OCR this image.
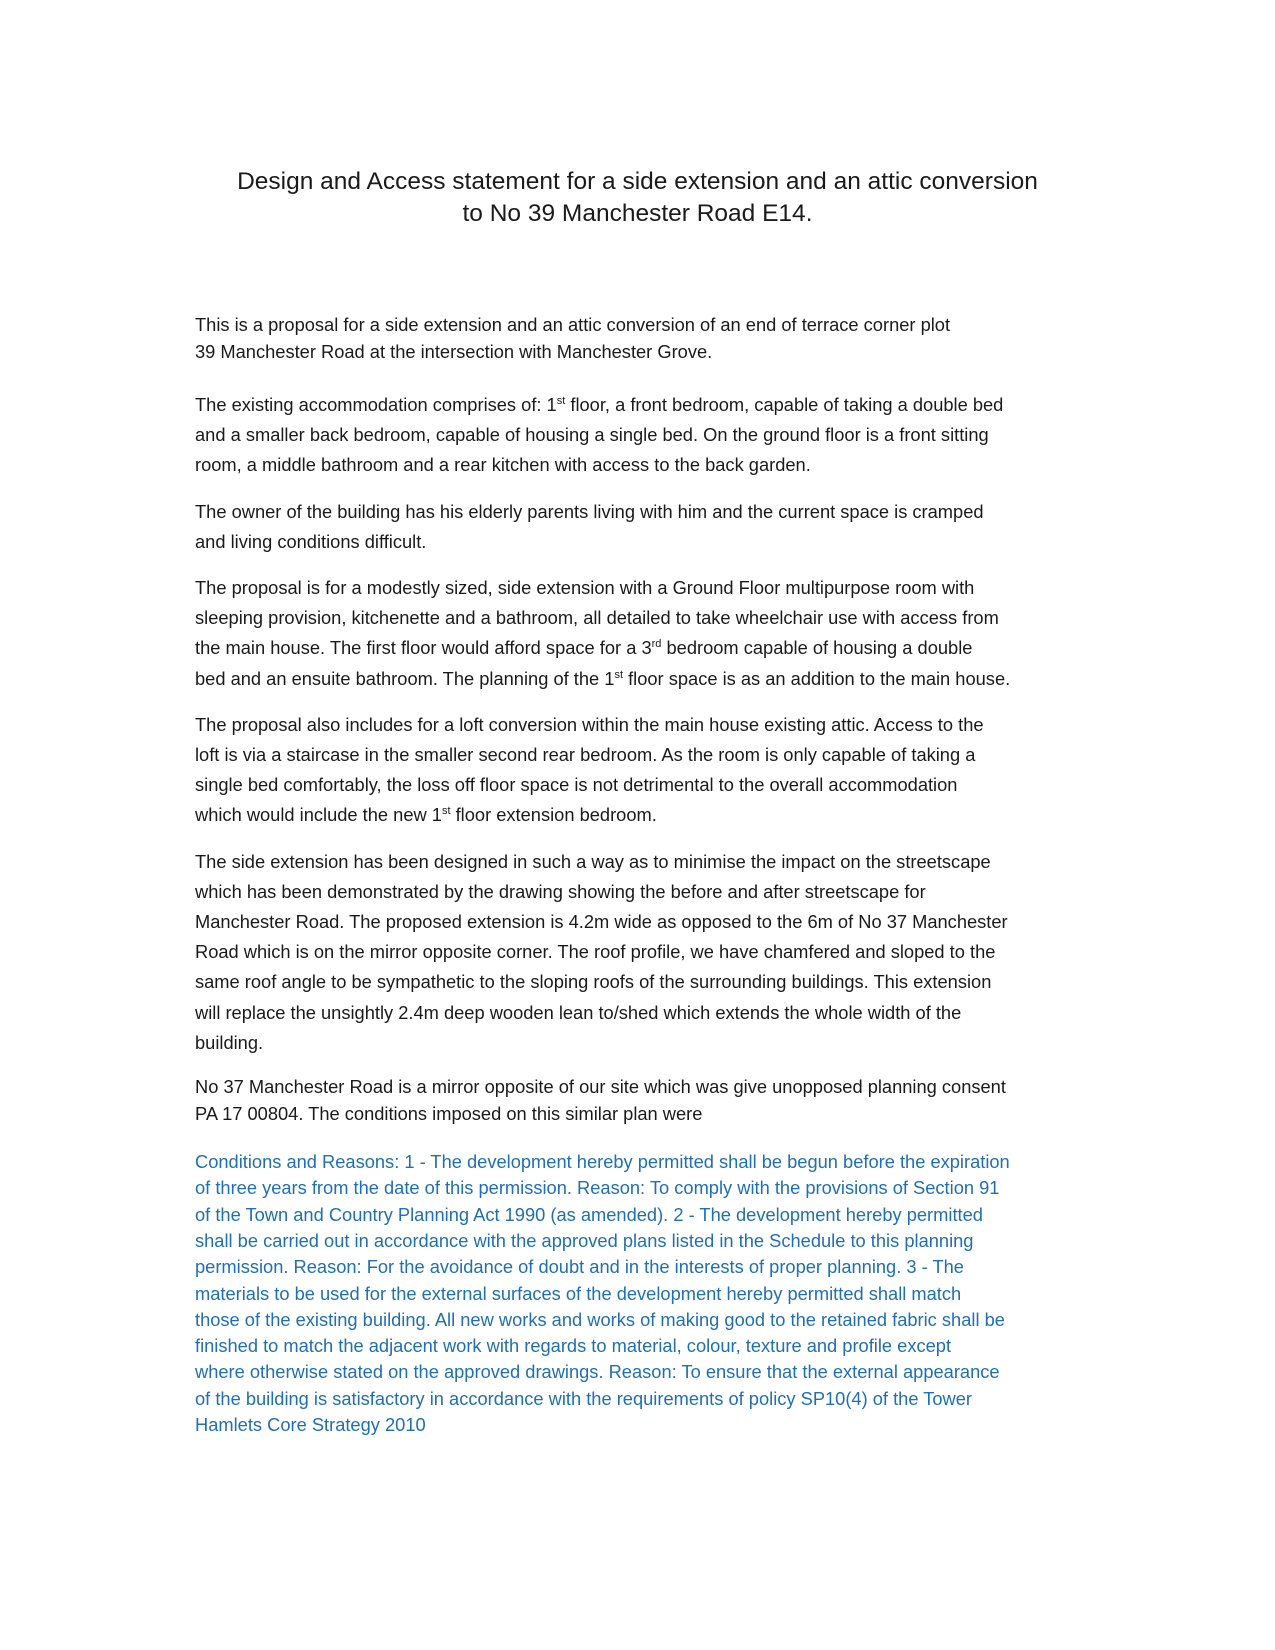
Design and Access statement for a side extension and an attic conversion
to No 39 Manchester Road E14.

This is a proposal for a side extension and an attic conversion of an end of terrace corner plot
39 Manchester Road at the intersection with Manchester Grove.

The existing accommodation comprises of: 1st floor, a front bedroom, capable of taking a double bed
and a smaller back bedroom, capable of housing a single bed. On the ground floor is a front sitting
room, a middle bathroom and a rear kitchen with access to the back garden.

The owner of the building has his elderly parents living with him and the current space is cramped
and living conditions difficult.

The proposal is for a modestly sized, side extension with a Ground Floor multipurpose room with
sleeping provision, kitchenette and a bathroom, all detailed to take wheelchair use with access from
the main house. The first floor would afford space for a 3rd bedroom capable of housing a double
bed and an ensuite bathroom. The planning of the 1st floor space is as an addition to the main house.

The proposal also includes for a loft conversion within the main house existing attic. Access to the
loft is via a staircase in the smaller second rear bedroom. As the room is only capable of taking a
single bed comfortably, the loss off floor space is not detrimental to the overall accommodation
which would include the new 1st floor extension bedroom.

The side extension has been designed in such a way as to minimise the impact on the streetscape
which has been demonstrated by the drawing showing the before and after streetscape for
Manchester Road. The proposed extension is 4.2m wide as opposed to the 6m of No 37 Manchester
Road which is on the mirror opposite corner. The roof profile, we have chamfered and sloped to the
same roof angle to be sympathetic to the sloping roofs of the surrounding buildings. This extension
will replace the unsightly 2.4m deep wooden lean to/shed which extends the whole width of the
building.

No 37 Manchester Road is a mirror opposite of our site which was give unopposed planning consent
PA 17 00804. The conditions imposed on this similar plan were

Conditions and Reasons: 1 - The development hereby permitted shall be begun before the expiration
of three years from the date of this permission. Reason: To comply with the provisions of Section 91
of the Town and Country Planning Act 1990 (as amended). 2 - The development hereby permitted
shall be carried out in accordance with the approved plans listed in the Schedule to this planning
permission. Reason: For the avoidance of doubt and in the interests of proper planning. 3 - The
materials to be used for the external surfaces of the development hereby permitted shall match
those of the existing building. All new works and works of making good to the retained fabric shall be
finished to match the adjacent work with regards to material, colour, texture and profile except
where otherwise stated on the approved drawings. Reason: To ensure that the external appearance
of the building is satisfactory in accordance with the requirements of policy SP10(4) of the Tower
Hamlets Core Strategy 2010
